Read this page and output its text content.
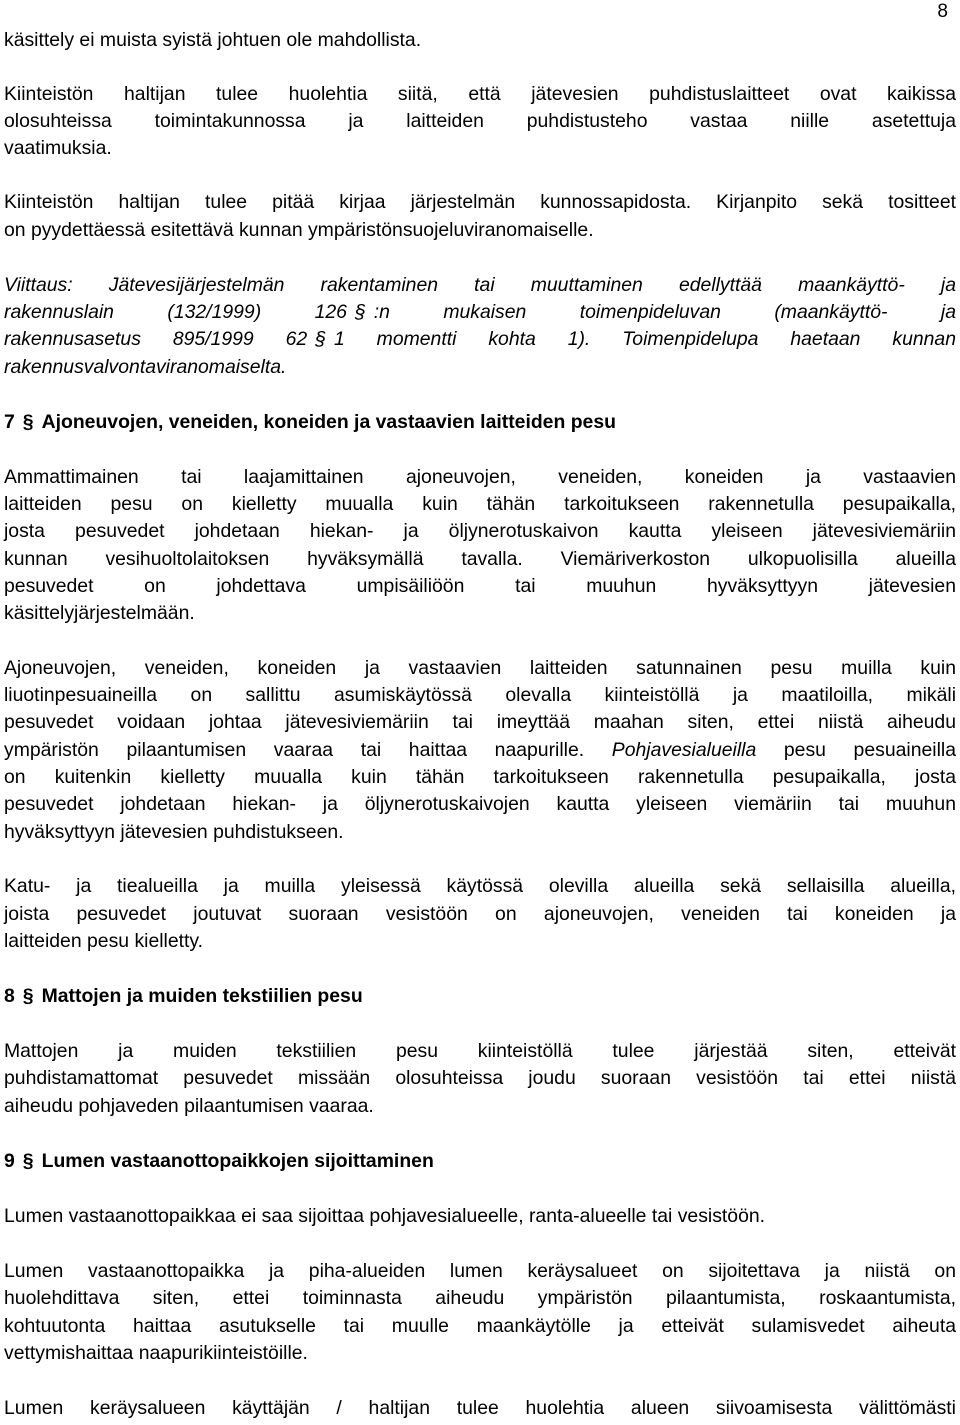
8
käsittely ei muista syistä johtuen ole mahdollista.
Kiinteistön haltijan tulee huolehtia siitä, että jätevesien puhdistuslaitteet ovat kaikissa
olosuhteissa toimintakunnossa ja laitteiden puhdistusteho vastaa niille asetettuja
vaatimuksia.
Kiinteistön haltijan tulee pitää kirjaa järjestelmän kunnossapidosta. Kirjanpito sekä tositteet
on pyydettäessä esitettävä kunnan ympäristönsuojeluviranomaiselle.
Viittaus: Jätevesijärjestelmän rakentaminen tai muuttaminen edellyttää maankäyttö- ja
rakennuslain (132/1999) 126 § :n mukaisen toimenpideluvan (maankäyttö- ja
rakennusasetus 895/1999 62 § 1 momentti kohta 1). Toimenpidelupa haetaan kunnan
rakennusvalvontaviranomaiselta.
7 § Ajoneuvojen, veneiden, koneiden ja vastaavien laitteiden pesu
Ammattimainen tai laajamittainen ajoneuvojen, veneiden, koneiden ja vastaavien
laitteiden pesu on kielletty muualla kuin tähän tarkoitukseen rakennetulla pesupaikalla,
josta pesuvedet johdetaan hiekan- ja öljynerotuskaivon kautta yleiseen jätevesiviemäriin
kunnan vesihuoltolaitoksen hyväksymällä tavalla. Viemäriverkoston ulkopuolisilla alueilla
pesuvedet on johdettava umpisäiliöön tai muuhun hyväksyttyyn jätevesien
käsittelyjärjestelmään.
Ajoneuvojen, veneiden, koneiden ja vastaavien laitteiden satunnainen pesu muilla kuin
liuotinpesuaineilla on sallittu asumiskäytössä olevalla kiinteistöllä ja maatiloilla, mikäli
pesuvedet voidaan johtaa jätevesiviemäriin tai imeyttää maahan siten, ettei niistä aiheudu
ympäristön pilaantumisen vaaraa tai haittaa naapurille. Pohjavesialueilla pesu pesuaineilla
on kuitenkin kielletty muualla kuin tähän tarkoitukseen rakennetulla pesupaikalla, josta
pesuvedet johdetaan hiekan- ja öljynerotuskaivojen kautta yleiseen viemäriin tai muuhun
hyväksyttyyn jätevesien puhdistukseen.
Katu- ja tiealueilla ja muilla yleisessä käytössä olevilla alueilla sekä sellaisilla alueilla,
joista pesuvedet joutuvat suoraan vesistöön on ajoneuvojen, veneiden tai koneiden ja
laitteiden pesu kielletty.
8 § Mattojen ja muiden tekstiilien pesu
Mattojen ja muiden tekstiilien pesu kiinteistöllä tulee järjestää siten, etteivät
puhdistamattomat pesuvedet missään olosuhteissa joudu suoraan vesistöön tai ettei niistä
aiheudu pohjaveden pilaantumisen vaaraa.
9 § Lumen vastaanottopaikkojen sijoittaminen
Lumen vastaanottopaikkaa ei saa sijoittaa pohjavesialueelle, ranta-alueelle tai vesistöön.
Lumen vastaanottopaikka ja piha-alueiden lumen keräysalueet on sijoitettava ja niistä on
huolehdittava siten, ettei toiminnasta aiheudu ympäristön pilaantumista, roskaantumista,
kohtuutonta haittaa asutukselle tai muulle maankäytölle ja etteivät sulamisvedet aiheuta
vettymishaittaa naapurikiinteistöille.
Lumen keräysalueen käyttäjän / haltijan tulee huolehtia alueen siivoamisesta välittömästi
